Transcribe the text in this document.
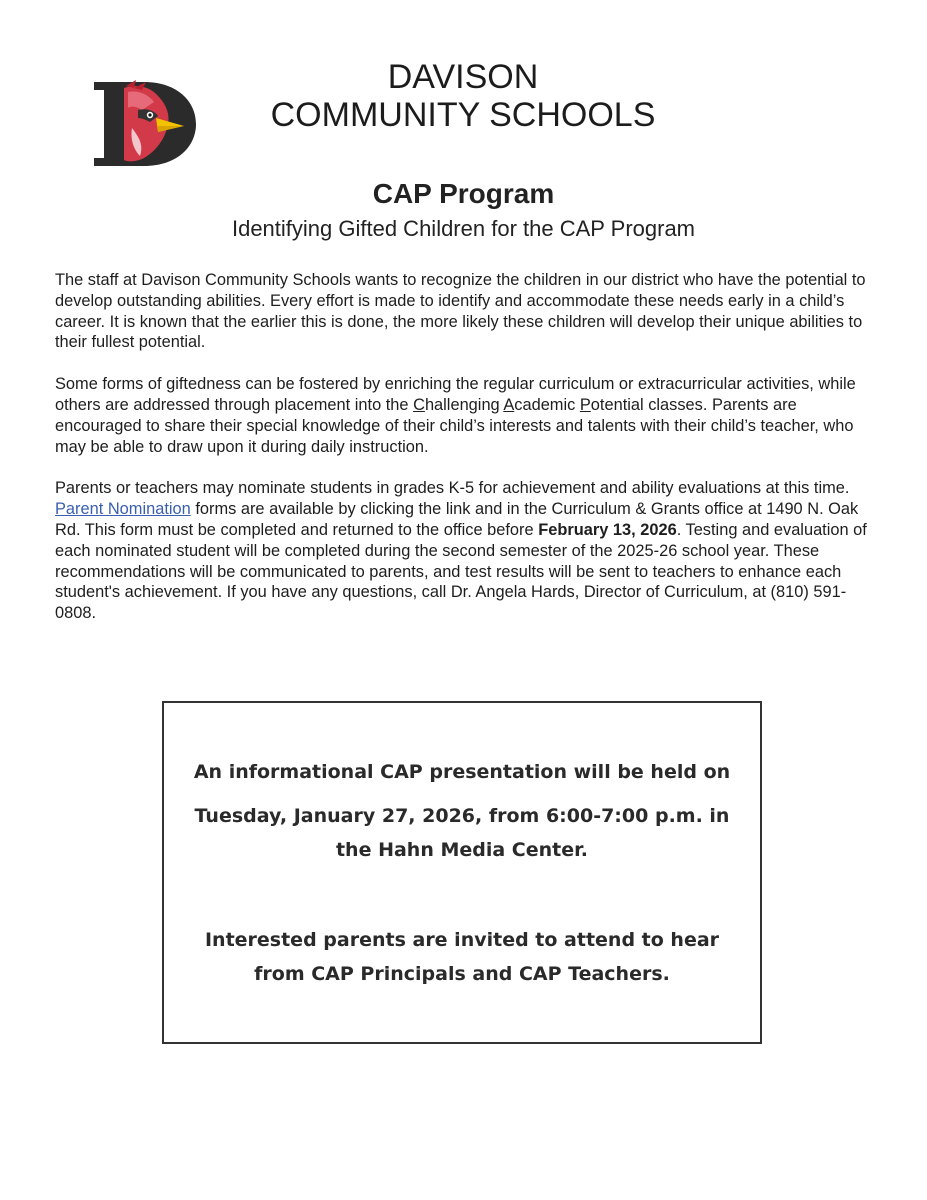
DAVISON
COMMUNITY SCHOOLS
CAP Program
Identifying Gifted Children for the CAP Program

The staff at Davison Community Schools wants to recognize the children in our district who have the potential to develop outstanding abilities. Every effort is made to identify and accommodate these needs early in a child’s career. It is known that the earlier this is done, the more likely these children will develop their unique abilities to their fullest potential.

Some forms of giftedness can be fostered by enriching the regular curriculum or extracurricular activities, while others are addressed through placement into the Challenging Academic Potential classes. Parents are encouraged to share their special knowledge of their child’s interests and talents with their child’s teacher, who may be able to draw upon it during daily instruction.

Parents or teachers may nominate students in grades K-5 for achievement and ability evaluations at this time. Parent Nomination forms are available by clicking the link and in the Curriculum & Grants office at 1490 N. Oak Rd. This form must be completed and returned to the office before February 13, 2026. Testing and evaluation of each nominated student will be completed during the second semester of the 2025-26 school year. These recommendations will be communicated to parents, and test results will be sent to teachers to enhance each student's achievement. If you have any questions, call Dr. Angela Hards, Director of Curriculum, at (810) 591-0808.

An informational CAP presentation will be held on
Tuesday, January 27, 2026, from 6:00-7:00 p.m. in the Hahn Media Center.
Interested parents are invited to attend to hear from CAP Principals and CAP Teachers.
